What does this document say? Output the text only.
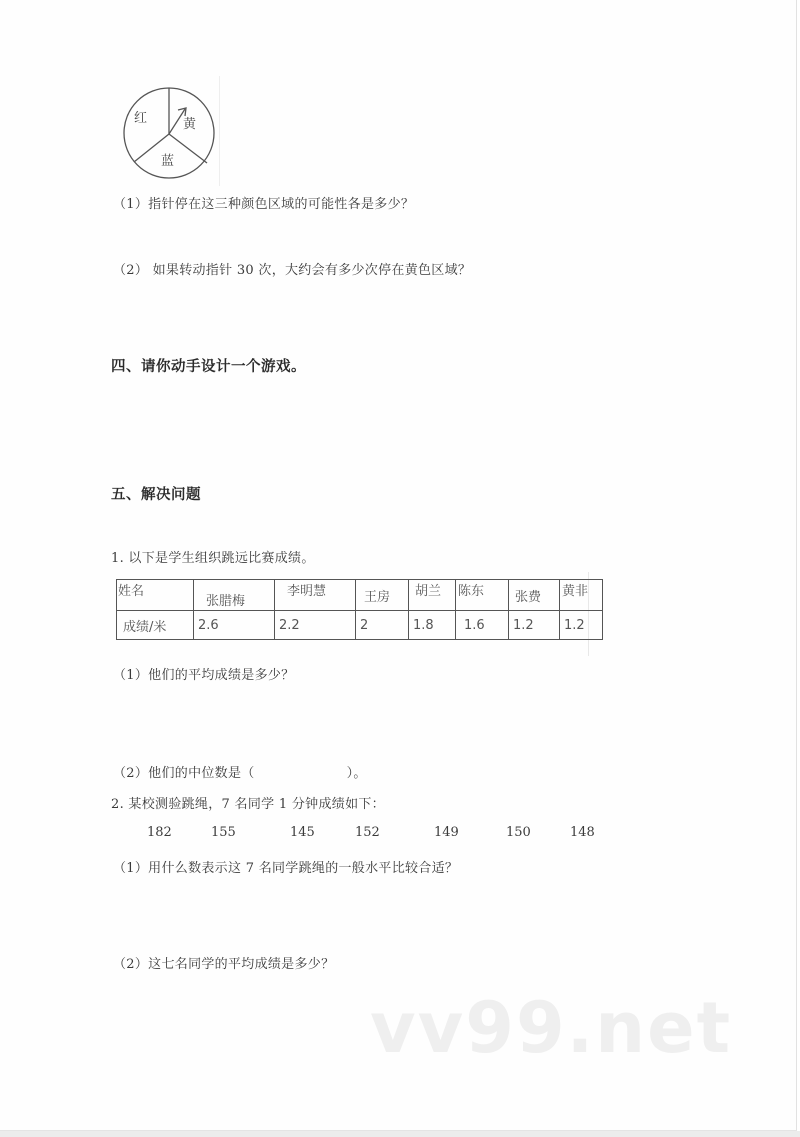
红	黄
蓝
（1）指针停在这三种颜色区域的可能性各是多少？
（2） 如果转动指针 30 次，大约会有多少次停在黄色区域？
四、请你动手设计一个游戏。
五、解决问题
1. 以下是学生组织跳远比赛成绩。
姓名	张腊梅	李明慧	王房	胡兰	陈东	张费	黄非
成绩/米	2.6	2.2	2	1.8	1.6	1.2	1.2
（1）他们的平均成绩是多少？
（2）他们的中位数是（	）。
2. 某校测验跳绳，7 名同学 1 分钟成绩如下：
182	155	145	152	149	150	148
（1）用什么数表示这 7 名同学跳绳的一般水平比较合适？
（2）这七名同学的平均成绩是多少？
vv99.net
